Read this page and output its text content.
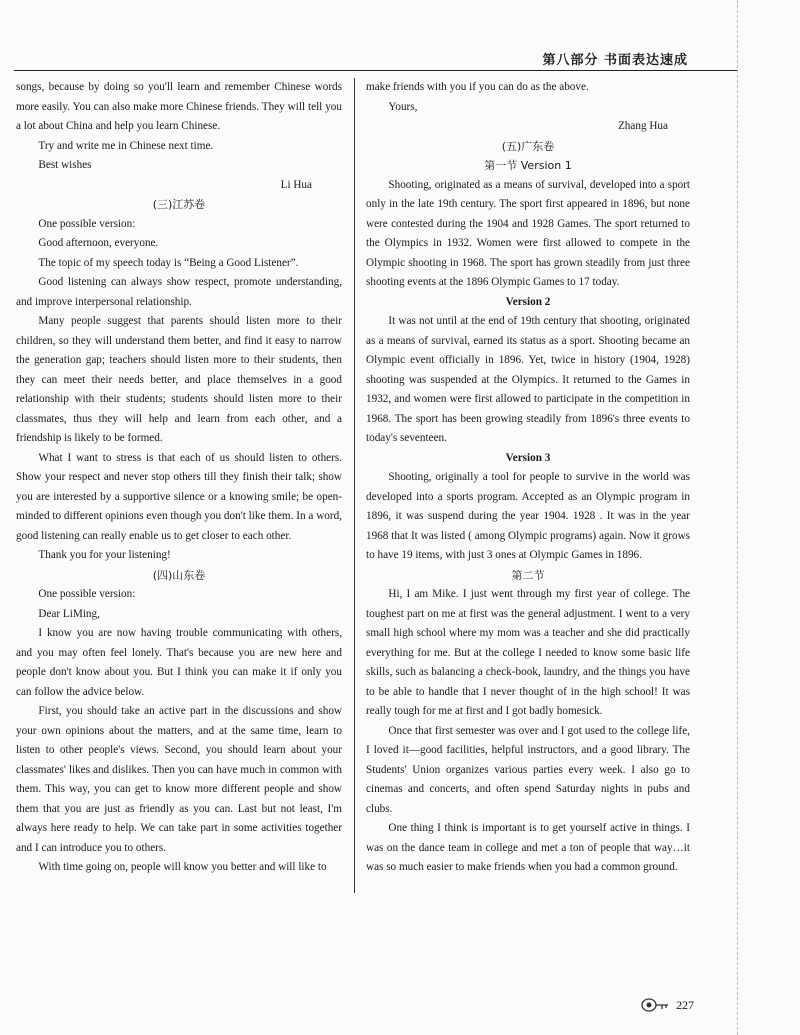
第八部分 书面表达速成

songs, because by doing so you'll learn and remember Chinese words more easily. You can also make more Chinese friends. They will tell you a lot about China and help you learn Chinese.

Try and write me in Chinese next time.

Best wishes

Li Hua

(三)江苏卷

One possible version:

Good afternoon, everyone.

The topic of my speech today is “Being a Good Listener”.

Good listening can always show respect, promote understanding, and improve interpersonal relationship.

Many people suggest that parents should listen more to their children, so they will understand them better, and find it easy to narrow the generation gap; teachers should listen more to their students, then they can meet their needs better, and place themselves in a good relationship with their students; students should listen more to their classmates, thus they will help and learn from each other, and a friendship is likely to be formed.

What I want to stress is that each of us should listen to others. Show your respect and never stop others till they finish their talk; show you are interested by a supportive silence or a knowing smile; be open-minded to different opinions even though you don't like them. In a word, good listening can really enable us to get closer to each other.

Thank you for your listening!

(四)山东卷

One possible version:

Dear LiMing,

I know you are now having trouble communicating with others, and you may often feel lonely. That's because you are new here and people don't know about you. But I think you can make it if only you can follow the advice below.

First, you should take an active part in the discussions and show your own opinions about the matters, and at the same time, learn to listen to other people's views. Second, you should learn about your classmates' likes and dislikes. Then you can have much in common with them. This way, you can get to know more different people and show them that you are just as friendly as you can. Last but not least, I'm always here ready to help. We can take part in some activities together and I can introduce you to others.

With time going on, people will know you better and will like to

make friends with you if you can do as the above.

Yours,

Zhang Hua

(五)广东卷

第一节 Version 1

Shooting, originated as a means of survival, developed into a sport only in the late 19th century. The sport first appeared in 1896, but none were contested during the 1904 and 1928 Games. The sport returned to the Olympics in 1932. Women were first allowed to compete in the Olympic shooting in 1968. The sport has grown steadily from just three shooting events at the 1896 Olympic Games to 17 today.

Version 2

It was not until at the end of 19th century that shooting, originated as a means of survival, earned its status as a sport. Shooting became an Olympic event officially in 1896. Yet, twice in history (1904, 1928) shooting was suspended at the Olympics. It returned to the Games in 1932, and women were first allowed to participate in the competition in 1968. The sport has been growing steadily from 1896's three events to today's seventeen.

Version 3

Shooting, originally a tool for people to survive in the world was developed into a sports program. Accepted as an Olympic program in 1896, it was suspend during the year 1904. 1928 . It was in the year 1968 that It was listed ( among Olympic programs) again. Now it grows to have 19 items, with just 3 ones at Olympic Games in 1896.

第二节

Hi, I am Mike. I just went through my first year of college. The toughest part on me at first was the general adjustment. I went to a very small high school where my mom was a teacher and she did practically everything for me. But at the college I needed to know some basic life skills, such as balancing a check-book, laundry, and the things you have to be able to handle that I never thought of in the high school! It was really tough for me at first and I got badly homesick.

Once that first semester was over and I got used to the college life, I loved it—good facilities, helpful instructors, and a good library. The Students' Union organizes various parties every week. I also go to cinemas and concerts, and often spend Saturday nights in pubs and clubs.

One thing I think is important is to get yourself active in things. I was on the dance team in college and met a ton of people that way…it was so much easier to make friends when you had a common ground.

227
